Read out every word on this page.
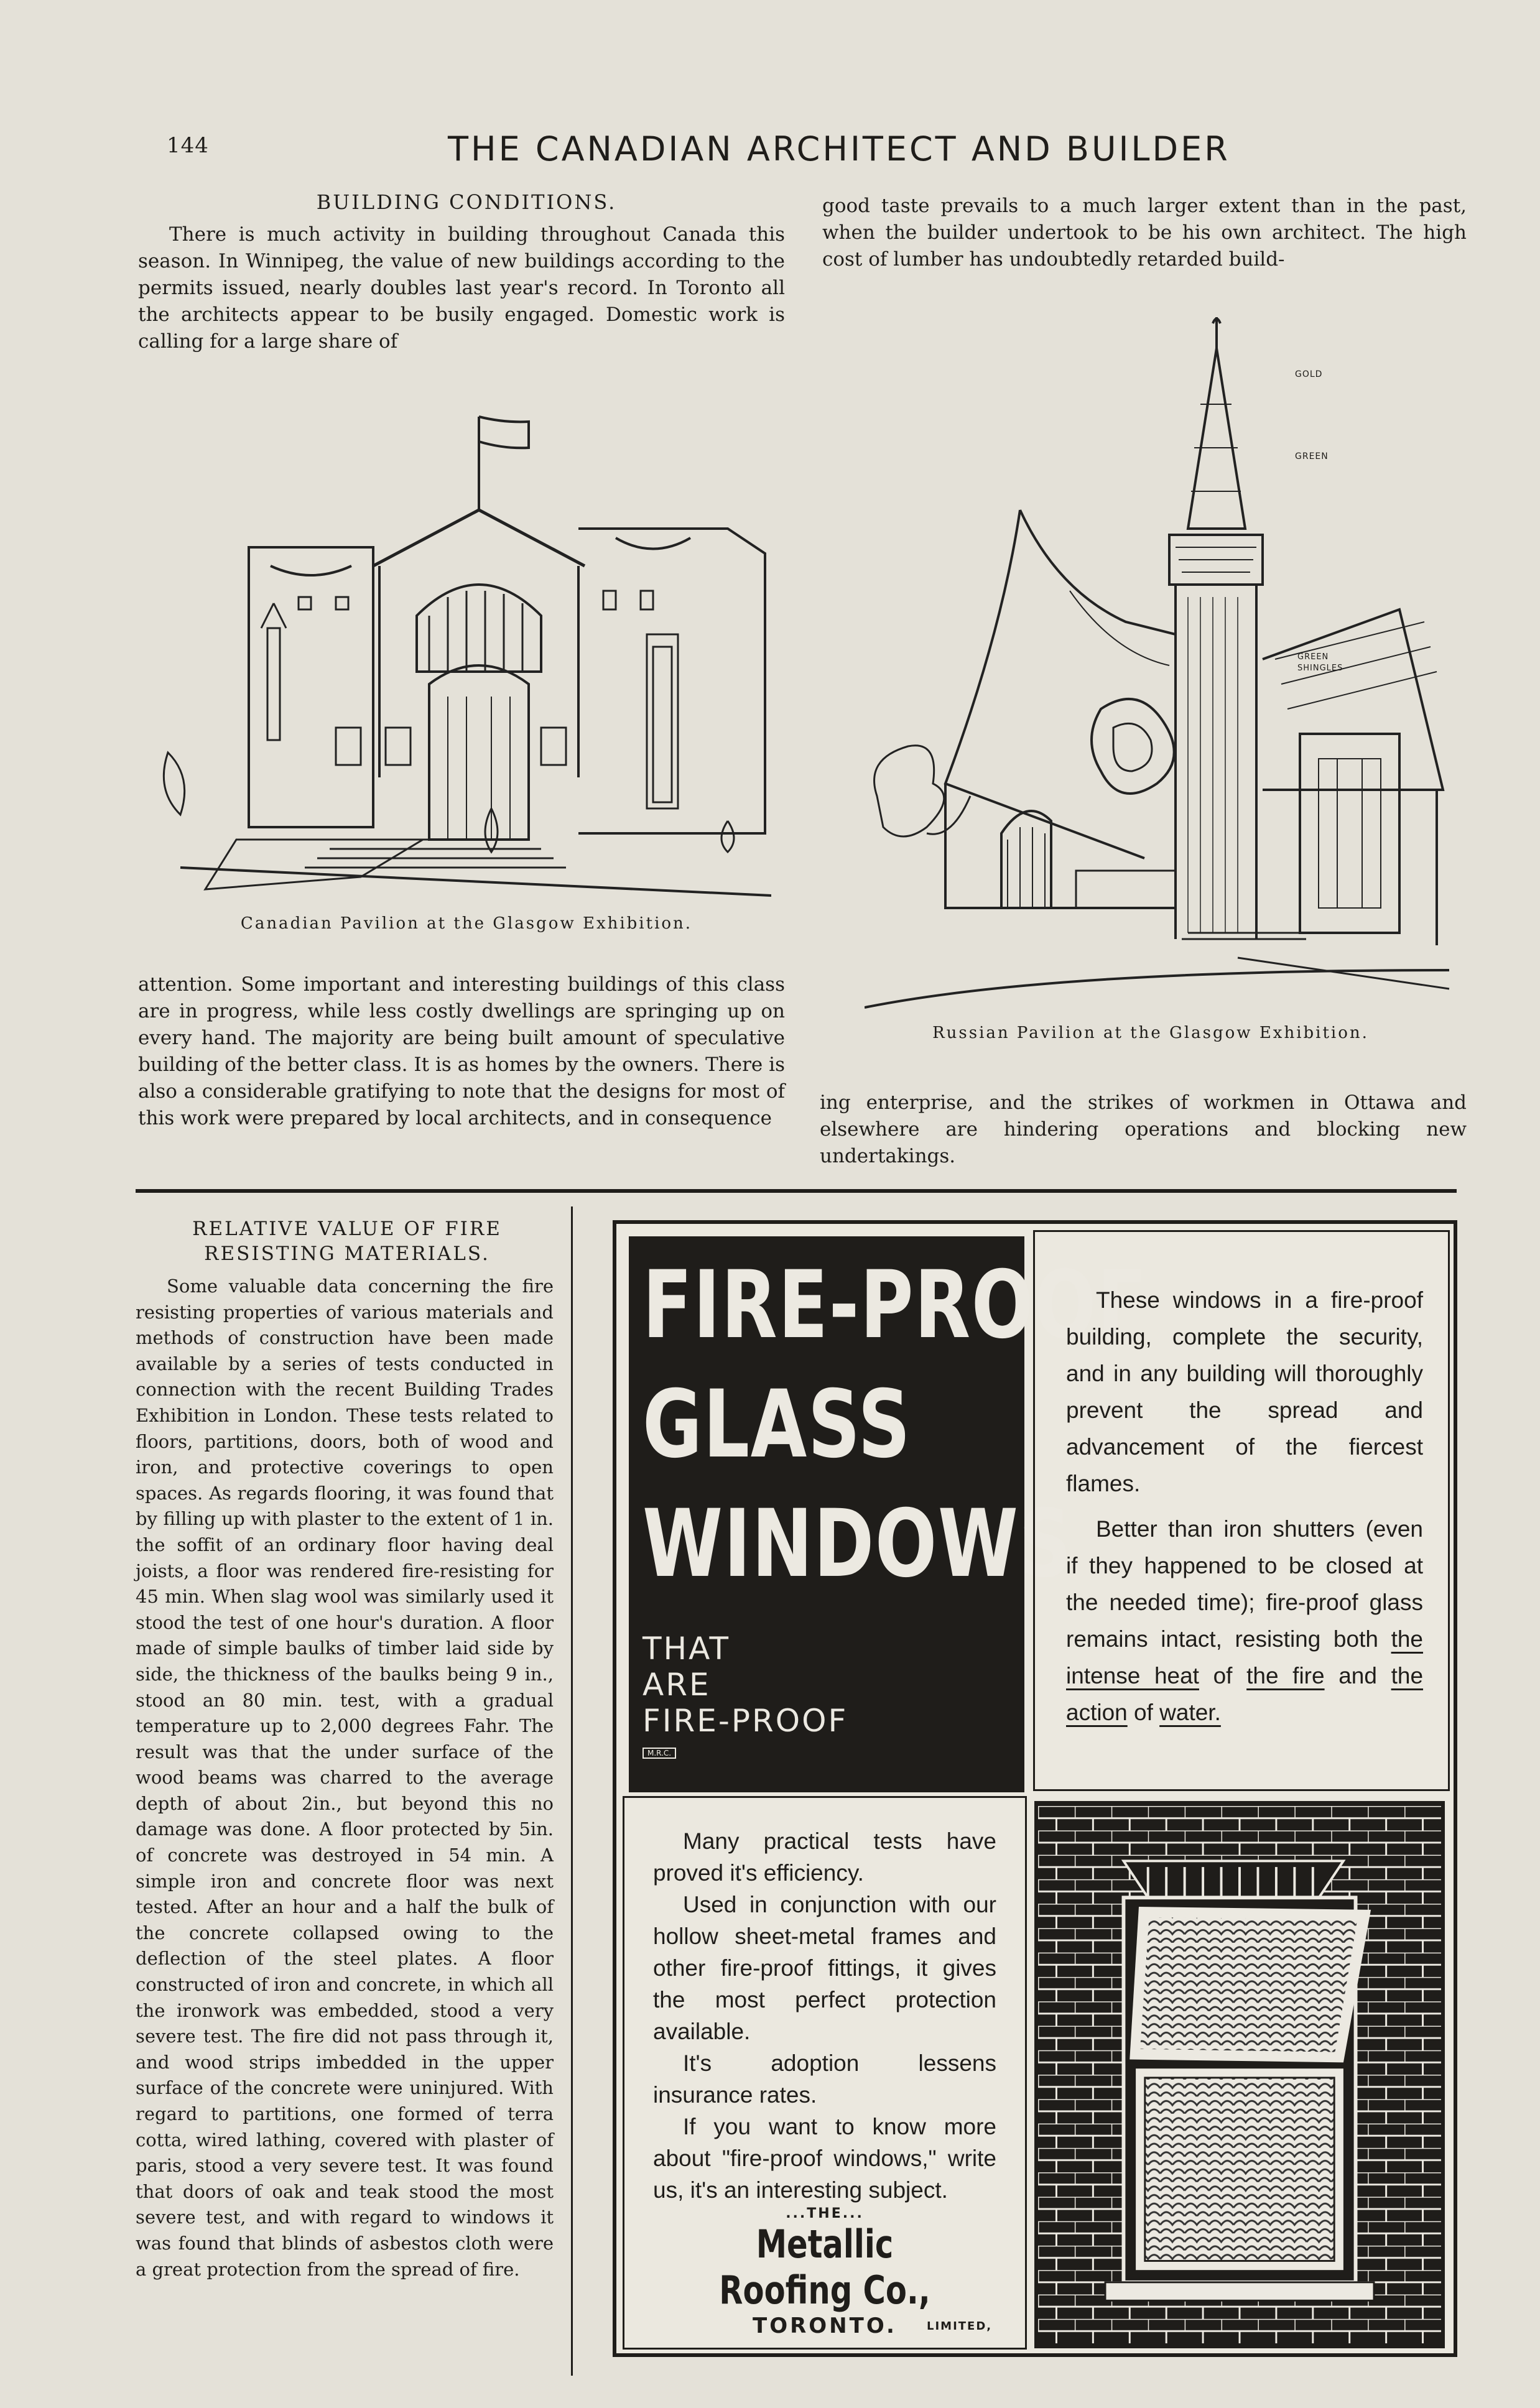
144	THE CANADIAN ARCHITECT AND BUILDER
BUILDING CONDITIONS.

There is much activity in building throughout Canada this season. In Winnipeg, the value of new buildings according to the permits issued, nearly doubles last year's record. In Toronto all the architects appear to be busily engaged. Domestic work is calling for a large share of

good taste prevails to a much larger extent than in the past, when the builder undertook to be his own architect. The high cost of lumber has undoubtedly retarded build-

Canadian Pavilion at the Glasgow Exhibition.
GOLD
GREEN
GREEN SHINGLES
Russian Pavilion at the Glasgow Exhibition.

attention. Some important and interesting buildings of this class are in progress, while less costly dwellings are springing up on every hand. The majority are being built amount of speculative building of the better class. It is as homes by the owners. There is also a considerable gratifying to note that the designs for most of this work were prepared by local architects, and in consequence

ing enterprise, and the strikes of workmen in Ottawa and elsewhere are hindering operations and blocking new undertakings.

RELATIVE VALUE OF FIRE RESISTING MATERIALS.

Some valuable data concerning the fire resisting properties of various materials and methods of construction have been made available by a series of tests conducted in connection with the recent Building Trades Exhibition in London. These tests related to floors, partitions, doors, both of wood and iron, and protective coverings to open spaces. As regards flooring, it was found that by filling up with plaster to the extent of 1 in. the soffit of an ordinary floor having deal joists, a floor was rendered fire-resisting for 45 min. When slag wool was similarly used it stood the test of one hour's duration. A floor made of simple baulks of timber laid side by side, the thickness of the baulks being 9 in., stood an 80 min. test, with a gradual temperature up to 2,000 degrees Fahr. The result was that the under surface of the wood beams was charred to the average depth of about 2in., but beyond this no damage was done. A floor protected by 5in. of concrete was destroyed in 54 min. A simple iron and concrete floor was next tested. After an hour and a half the bulk of the concrete collapsed owing to the deflection of the steel plates. A floor constructed of iron and concrete, in which all the ironwork was embedded, stood a very severe test. The fire did not pass through it, and wood strips imbedded in the upper surface of the concrete were uninjured. With regard to partitions, one formed of terra cotta, wired lathing, covered with plaster of paris, stood a very severe test. It was found that doors of oak and teak stood the most severe test, and with regard to windows it was found that blinds of asbestos cloth were a great protection from the spread of fire.

FIRE-PROOF
GLASS
WINDOWS
THAT
ARE
FIRE-PROOF
M.R.C.
These windows in a fire-proof building, complete the security, and in any building will thoroughly prevent the spread and advancement of the fiercest flames.
Better than iron shutters (even if they happened to be closed at the needed time); fire-proof glass remains intact, resisting both the intense heat of the fire and the action of water.
Many practical tests have proved it's efficiency.
Used in conjunction with our hollow sheet-metal frames and other fire-proof fittings, it gives the most perfect protection available.
It's adoption lessens insurance rates.
If you want to know more about "fire-proof windows," write us, it's an interesting subject.
...THE...
Metallic Roofing Co.,
TORONTO.	LIMITED,
